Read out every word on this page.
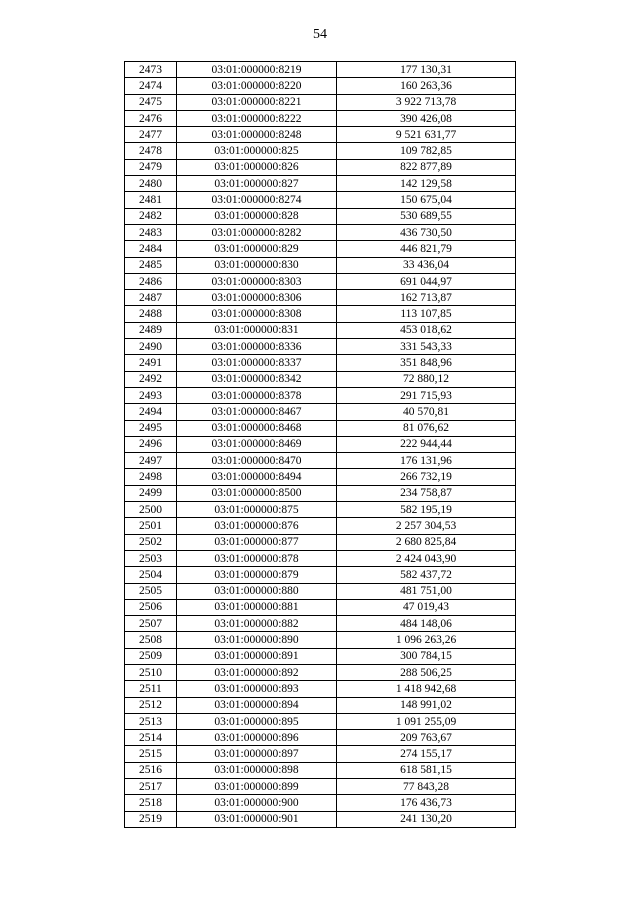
54
2473	03:01:000000:8219	177 130,31
2474	03:01:000000:8220	160 263,36
2475	03:01:000000:8221	3 922 713,78
2476	03:01:000000:8222	390 426,08
2477	03:01:000000:8248	9 521 631,77
2478	03:01:000000:825	109 782,85
2479	03:01:000000:826	822 877,89
2480	03:01:000000:827	142 129,58
2481	03:01:000000:8274	150 675,04
2482	03:01:000000:828	530 689,55
2483	03:01:000000:8282	436 730,50
2484	03:01:000000:829	446 821,79
2485	03:01:000000:830	33 436,04
2486	03:01:000000:8303	691 044,97
2487	03:01:000000:8306	162 713,87
2488	03:01:000000:8308	113 107,85
2489	03:01:000000:831	453 018,62
2490	03:01:000000:8336	331 543,33
2491	03:01:000000:8337	351 848,96
2492	03:01:000000:8342	72 880,12
2493	03:01:000000:8378	291 715,93
2494	03:01:000000:8467	40 570,81
2495	03:01:000000:8468	81 076,62
2496	03:01:000000:8469	222 944,44
2497	03:01:000000:8470	176 131,96
2498	03:01:000000:8494	266 732,19
2499	03:01:000000:8500	234 758,87
2500	03:01:000000:875	582 195,19
2501	03:01:000000:876	2 257 304,53
2502	03:01:000000:877	2 680 825,84
2503	03:01:000000:878	2 424 043,90
2504	03:01:000000:879	582 437,72
2505	03:01:000000:880	481 751,00
2506	03:01:000000:881	47 019,43
2507	03:01:000000:882	484 148,06
2508	03:01:000000:890	1 096 263,26
2509	03:01:000000:891	300 784,15
2510	03:01:000000:892	288 506,25
2511	03:01:000000:893	1 418 942,68
2512	03:01:000000:894	148 991,02
2513	03:01:000000:895	1 091 255,09
2514	03:01:000000:896	209 763,67
2515	03:01:000000:897	274 155,17
2516	03:01:000000:898	618 581,15
2517	03:01:000000:899	77 843,28
2518	03:01:000000:900	176 436,73
2519	03:01:000000:901	241 130,20
